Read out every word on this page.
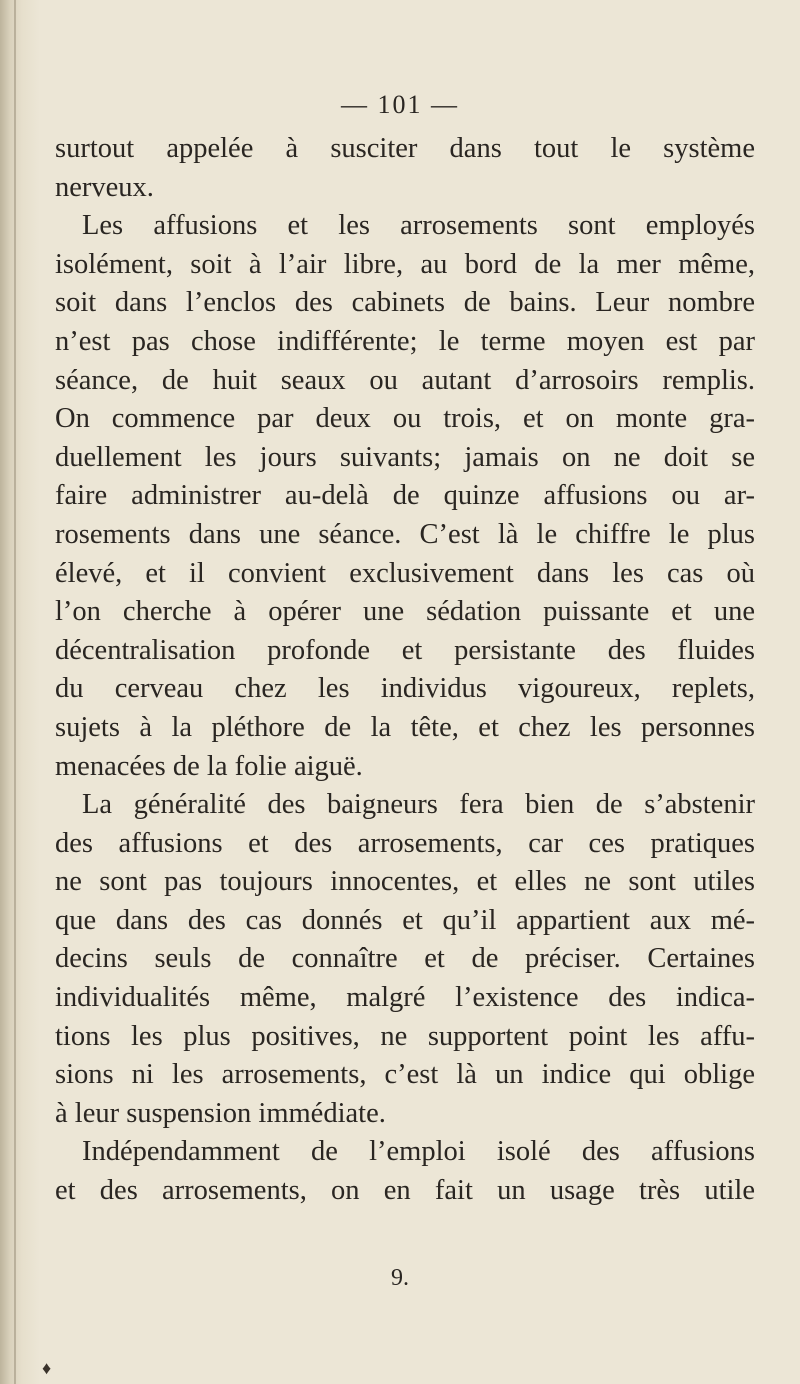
— 101 —
surtout appelée à susciter dans tout le système
nerveux.
Les affusions et les arrosements sont employés
isolément, soit à l’air libre, au bord de la mer même,
soit dans l’enclos des cabinets de bains. Leur nombre
n’est pas chose indifférente; le terme moyen est par
séance, de huit seaux ou autant d’arrosoirs remplis.
On commence par deux ou trois, et on monte gra-
duellement les jours suivants; jamais on ne doit se
faire administrer au-delà de quinze affusions ou ar-
rosements dans une séance. C’est là le chiffre le plus
élevé, et il convient exclusivement dans les cas où
l’on cherche à opérer une sédation puissante et une
décentralisation profonde et persistante des fluides
du cerveau chez les individus vigoureux, replets,
sujets à la pléthore de la tête, et chez les personnes
menacées de la folie aiguë.
La généralité des baigneurs fera bien de s’abstenir
des affusions et des arrosements, car ces pratiques
ne sont pas toujours innocentes, et elles ne sont utiles
que dans des cas donnés et qu’il appartient aux mé-
decins seuls de connaître et de préciser. Certaines
individualités même, malgré l’existence des indica-
tions les plus positives, ne supportent point les affu-
sions ni les arrosements, c’est là un indice qui oblige
à leur suspension immédiate.
Indépendamment de l’emploi isolé des affusions
et des arrosements, on en fait un usage très utile
9.
♦
